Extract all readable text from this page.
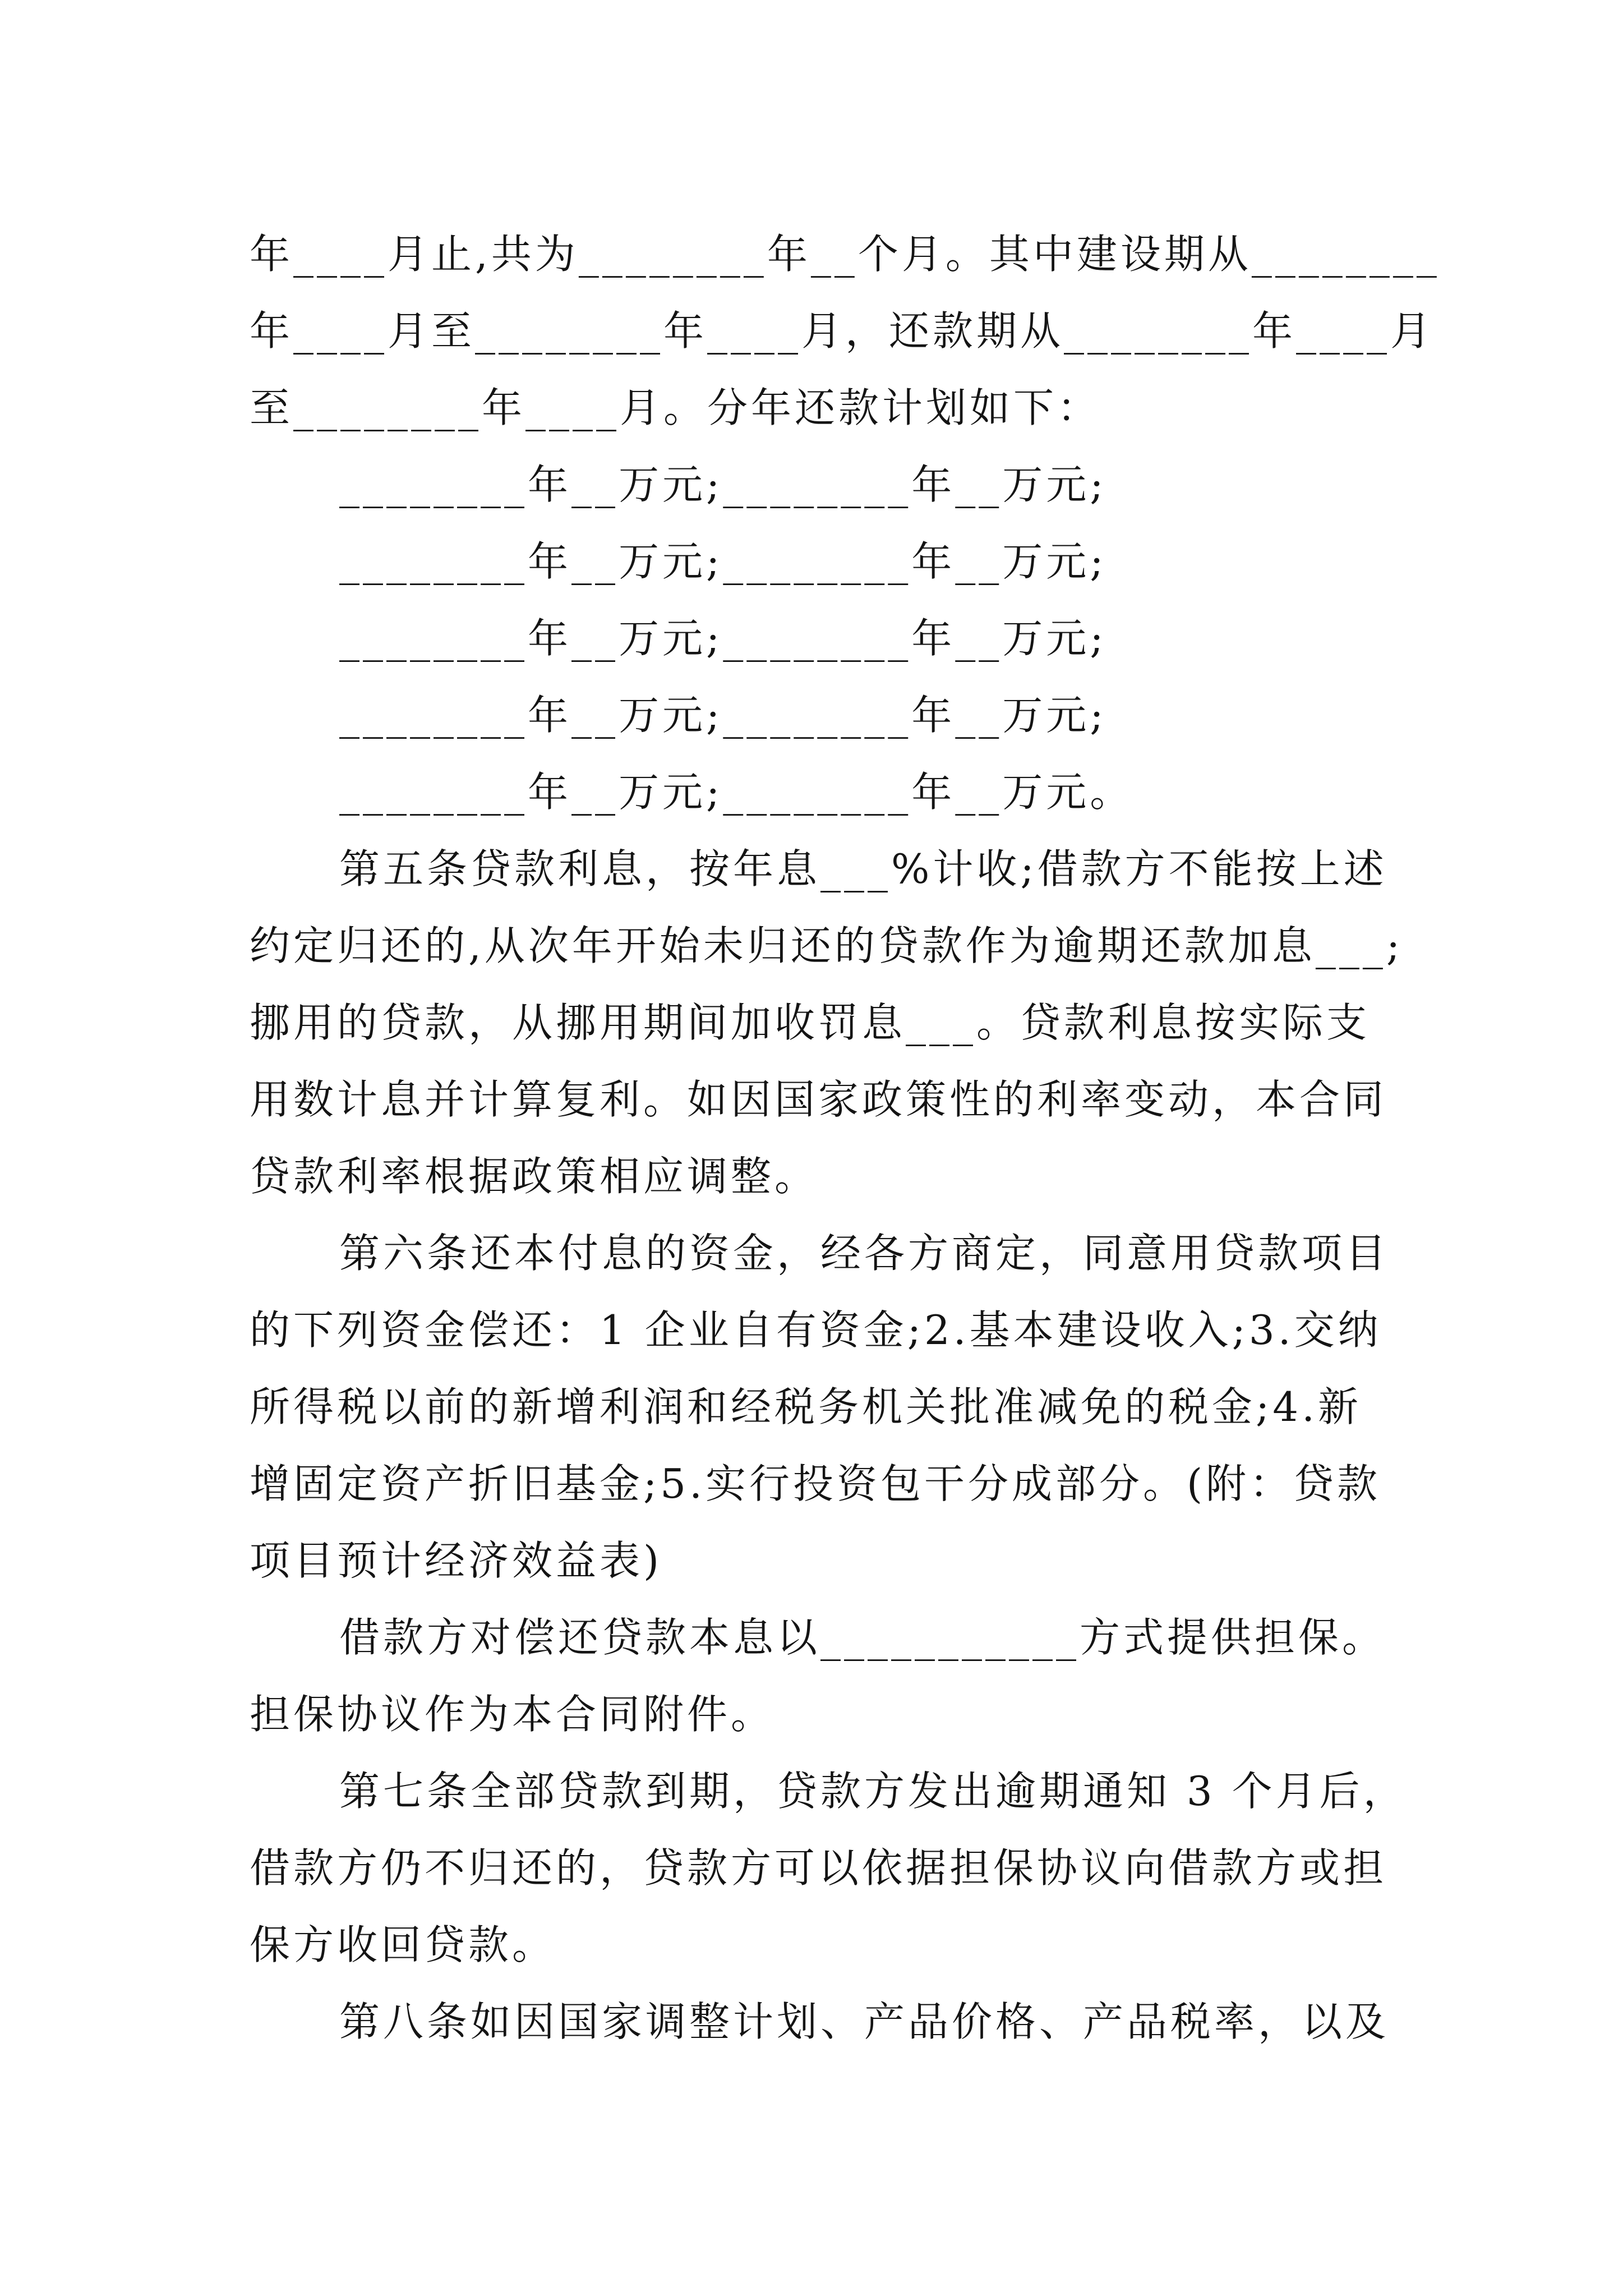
年____月止,共为________年__个月。其中建设期从________
年____月至________年____月，还款期从________年____月
至________年____月。分年还款计划如下：
________年__万元;________年__万元;
________年__万元;________年__万元;
________年__万元;________年__万元;
________年__万元;________年__万元;
________年__万元;________年__万元。
第五条贷款利息，按年息___%计收;借款方不能按上述
约定归还的,从次年开始未归还的贷款作为逾期还款加息___;
挪用的贷款，从挪用期间加收罚息___。贷款利息按实际支
用数计息并计算复利。如因国家政策性的利率变动，本合同
贷款利率根据政策相应调整。
第六条还本付息的资金，经各方商定，同意用贷款项目
的下列资金偿还：1 企业自有资金;2.基本建设收入;3.交纳
所得税以前的新增利润和经税务机关批准减免的税金;4.新
增固定资产折旧基金;5.实行投资包干分成部分。(附：贷款
项目预计经济效益表)
借款方对偿还贷款本息以___________方式提供担保。
担保协议作为本合同附件。
第七条全部贷款到期，贷款方发出逾期通知 3 个月后，
借款方仍不归还的，贷款方可以依据担保协议向借款方或担
保方收回贷款。
第八条如因国家调整计划、产品价格、产品税率，以及
